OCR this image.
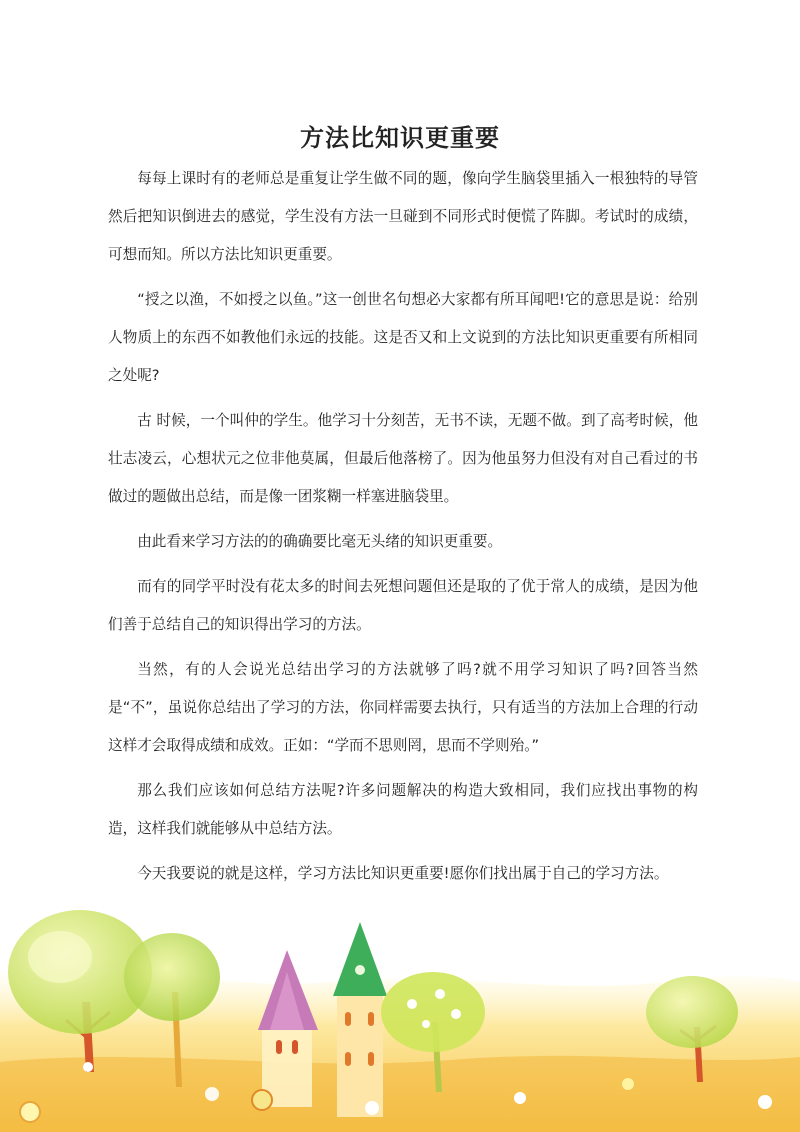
方法比知识更重要

每每上课时有的老师总是重复让学生做不同的题，像向学生脑袋里插入一根独特的导管然后把知识倒进去的感觉，学生没有方法一旦碰到不同形式时便慌了阵脚。考试时的成绩，可想而知。所以方法比知识更重要。

“授之以渔，不如授之以鱼。”这一创世名句想必大家都有所耳闻吧!它的意思是说：给别人物质上的东西不如教他们永远的技能。这是否又和上文说到的方法比知识更重要有所相同之处呢?

古 时候，一个叫仲的学生。他学习十分刻苦，无书不读，无题不做。到了高考时候，他壮志凌云，心想状元之位非他莫属，但最后他落榜了。因为他虽努力但没有对自己看过的书做过的题做出总结，而是像一团浆糊一样塞进脑袋里。

由此看来学习方法的的确确要比毫无头绪的知识更重要。

而有的同学平时没有花太多的时间去死想问题但还是取的了优于常人的成绩，是因为他们善于总结自己的知识得出学习的方法。

当然，有的人会说光总结出学习的方法就够了吗?就不用学习知识了吗?回答当然是“不”，虽说你总结出了学习的方法，你同样需要去执行，只有适当的方法加上合理的行动这样才会取得成绩和成效。正如：“学而不思则罔，思而不学则殆。”

那么我们应该如何总结方法呢?许多问题解决的构造大致相同，我们应找出事物的构造，这样我们就能够从中总结方法。

今天我要说的就是这样，学习方法比知识更重要!愿你们找出属于自己的学习方法。
